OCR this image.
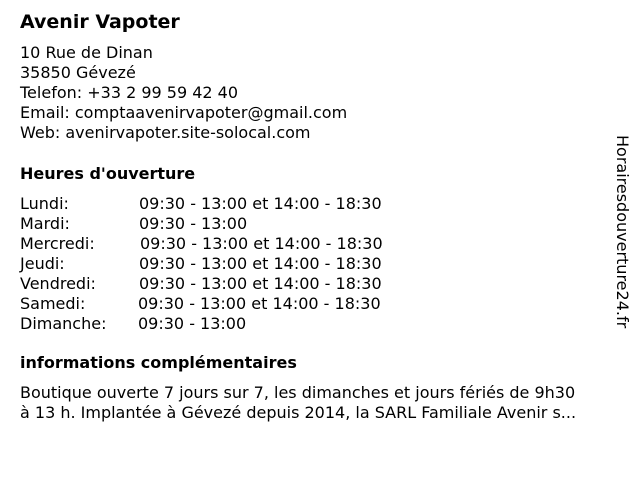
Avenir Vapoter
10 Rue de Dinan
35850 Gévezé
Telefon: +33 2 99 59 42 40
Email: comptaavenirvapoter@gmail.com
Web: avenirvapoter.site-solocal.com
Heures d'ouverture
Lundi:	09:30 - 13:00 et 14:00 - 18:30
Mardi:	09:30 - 13:00
Mercredi:	09:30 - 13:00 et 14:00 - 18:30
Jeudi:	09:30 - 13:00 et 14:00 - 18:30
Vendredi:	09:30 - 13:00 et 14:00 - 18:30
Samedi:	09:30 - 13:00 et 14:00 - 18:30
Dimanche: 09:30 - 13:00
informations complémentaires
Boutique ouverte 7 jours sur 7, les dimanches et jours fériés de 9h30
à 13 h. Implantée à Gévezé depuis 2014, la SARL Familiale Avenir s...
Horairesdouverture24.fr
